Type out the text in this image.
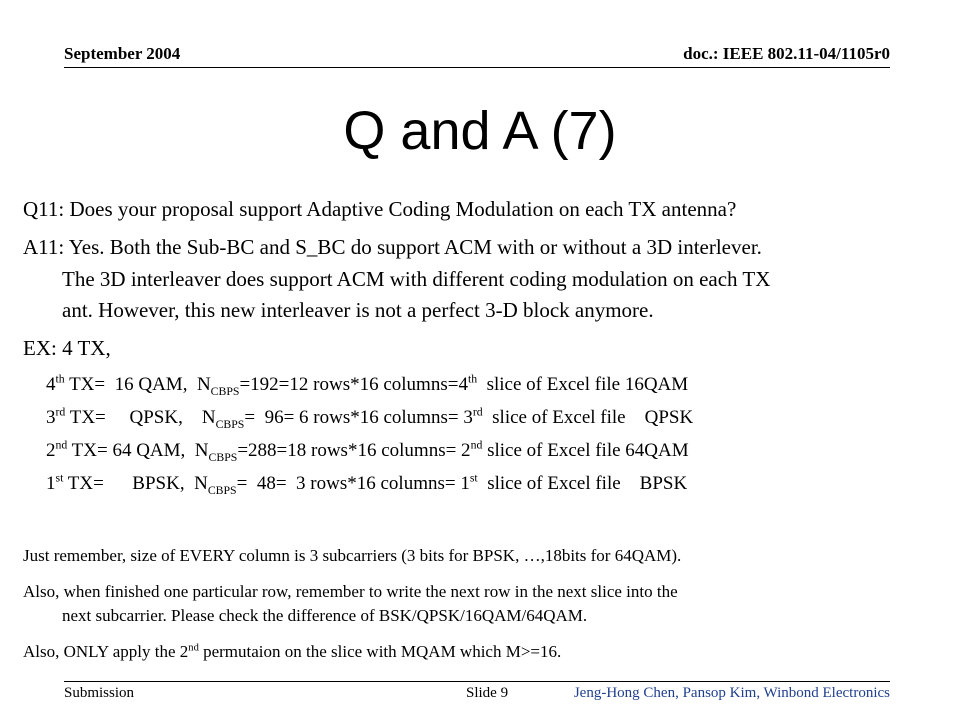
September 2004	doc.: IEEE 802.11-04/1105r0
Q and A (7)
Q11: Does your proposal support Adaptive Coding Modulation on each TX antenna?
A11: Yes. Both the Sub-BC and S_BC do support ACM with or without a 3D interlever.
The 3D interleaver does support ACM with different coding modulation on each TX
ant. However, this new interleaver is not a perfect 3-D block anymore.
EX: 4 TX,
4th TX=  16 QAM,  $N_{CBPS}=192=12$ rows*16 columns=4th  slice of Excel file 16QAM
3rd TX=     QPSK,    $N_{CBPS}= 96= 6$ rows*16 columns= 3rd  slice of Excel file    QPSK
2nd TX= 64 QAM,  $N_{CBPS}=288=18$ rows*16 columns= 2nd slice of Excel file 64QAM
1st TX=      BPSK,  $N_{CBPS}= 48= 3$ rows*16 columns= 1st  slice of Excel file    BPSK
Just remember, size of EVERY column is 3 subcarriers (3 bits for BPSK, …,18bits for 64QAM).
Also, when finished one particular row, remember to write the next row in the next slice into the
next subcarrier. Please check the difference of BSK/QPSK/16QAM/64QAM.
Also, ONLY apply the 2nd permutaion on the slice with MQAM which M>=16.
Submission	Slide 9	Jeng-Hong Chen, Pansop Kim, Winbond Electronics
